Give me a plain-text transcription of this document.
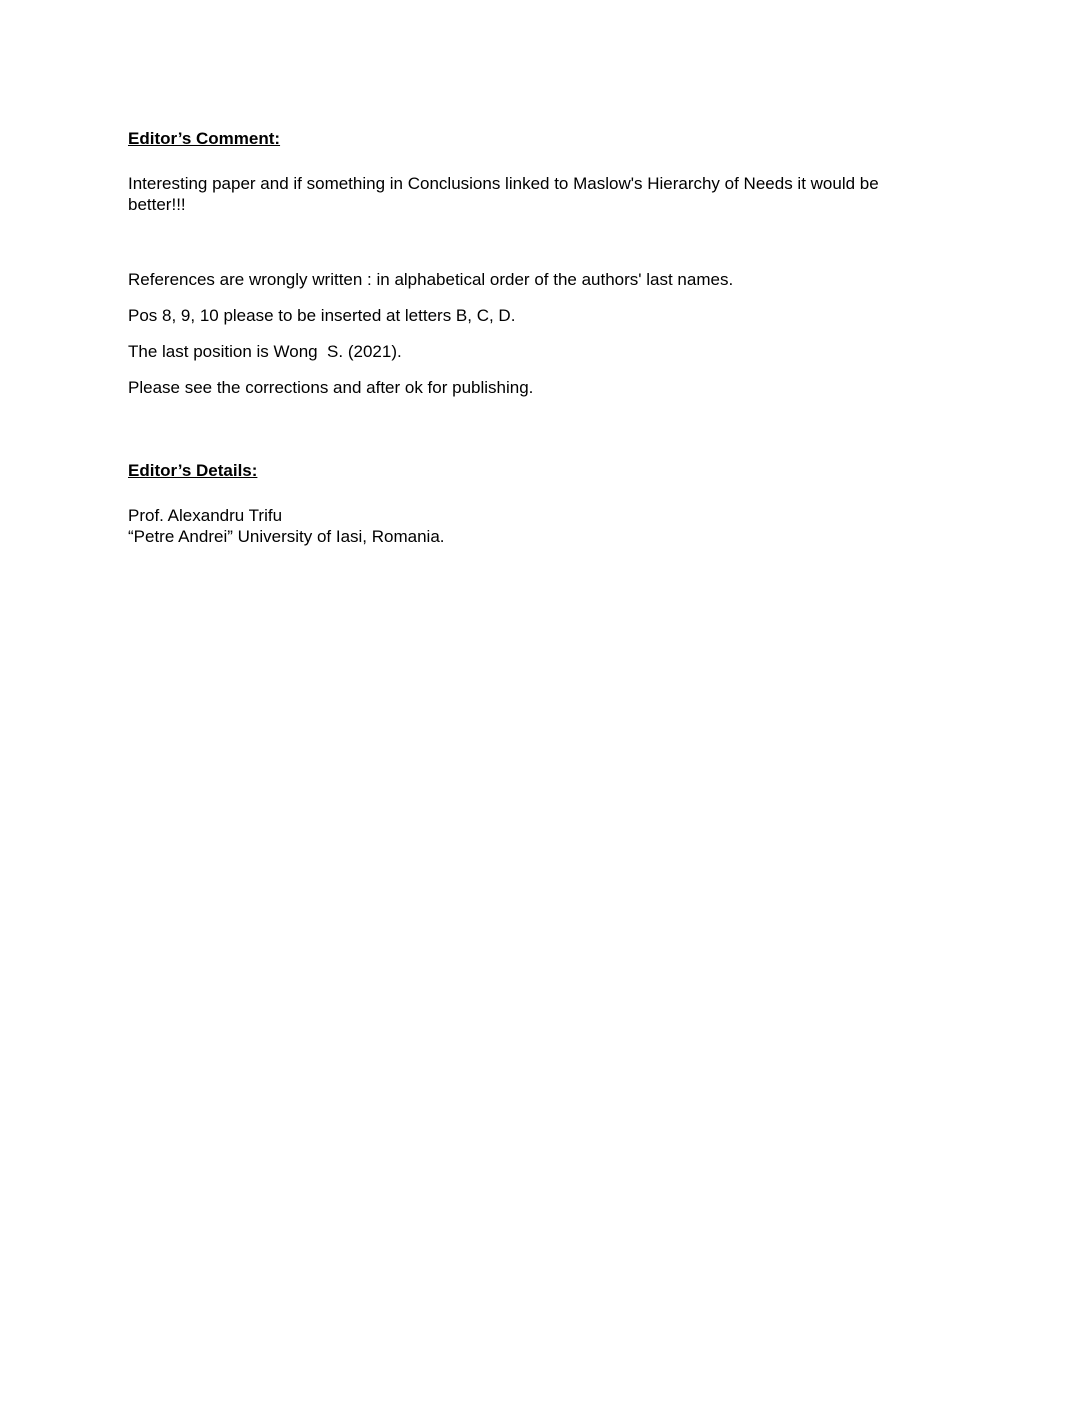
Editor’s Comment:
Interesting paper and if something in Conclusions linked to Maslow's Hierarchy of Needs it would be
better!!!
References are wrongly written : in alphabetical order of the authors' last names.
Pos 8, 9, 10 please to be inserted at letters B, C, D.
The last position is Wong  S. (2021).
Please see the corrections and after ok for publishing.
Editor’s Details:
Prof. Alexandru Trifu
“Petre Andrei” University of Iasi, Romania.
